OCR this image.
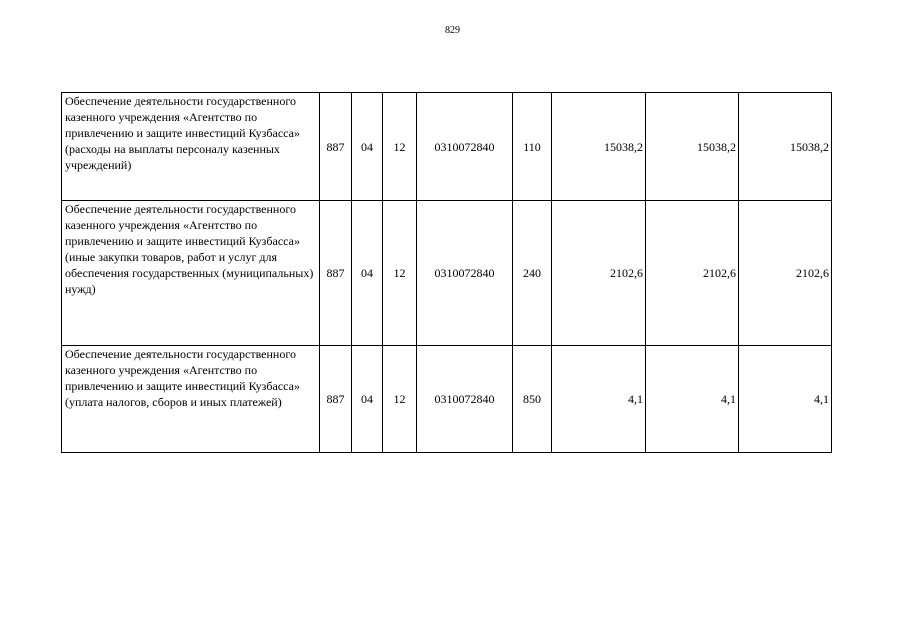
829
Обеспечение деятельности государственного казенного учреждения «Агентство по привлечению и защите инвестиций Кузбасса» (расходы на выплаты персоналу казенных учреждений)	887	04	12	0310072840	110	15038,2	15038,2	15038,2
Обеспечение деятельности государственного казенного учреждения «Агентство по привлечению и защите инвестиций Кузбасса» (иные закупки товаров, работ и услуг для обеспечения государственных (муниципальных) нужд)	887	04	12	0310072840	240	2102,6	2102,6	2102,6
Обеспечение деятельности государственного казенного учреждения «Агентство по привлечению и защите инвестиций Кузбасса» (уплата налогов, сборов и иных платежей)	887	04	12	0310072840	850	4,1	4,1	4,1
